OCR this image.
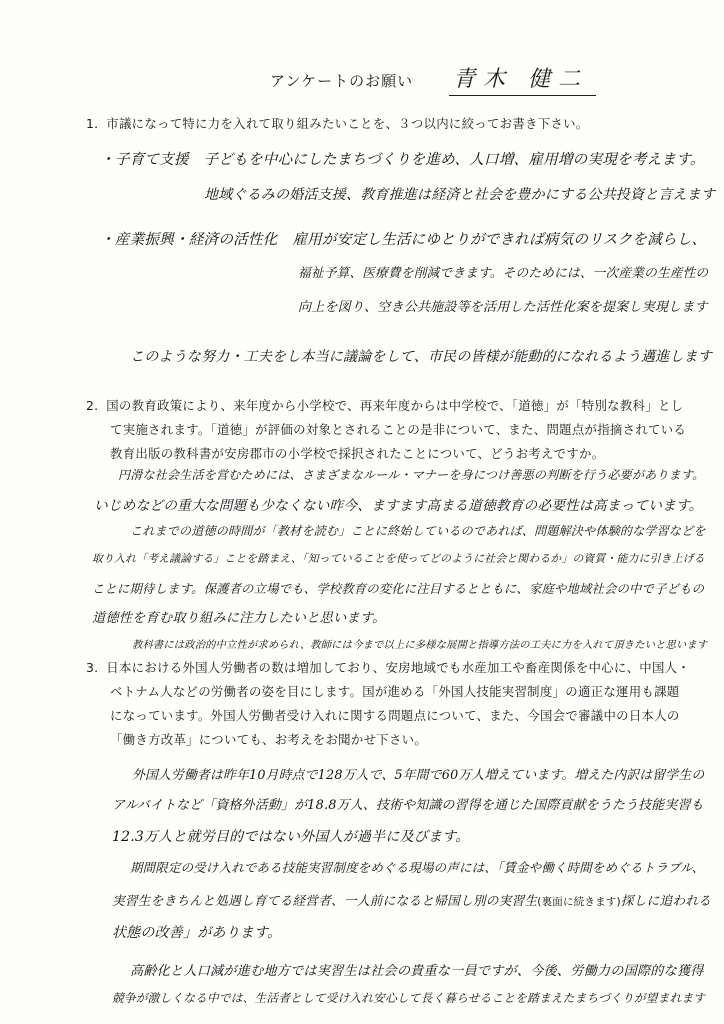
アンケートのお願い 青木 健二
1. 市議になって特に力を入れて取り組みたいことを、３つ以内に絞ってお書き下さい。
・子育て支援　子どもを中心にしたまちづくりを進め、人口増、雇用増の実現を考えます。
地域ぐるみの婚活支援、教育推進は経済と社会を豊かにする公共投資と言えます
・産業振興・経済の活性化　雇用が安定し生活にゆとりができれば病気のリスクを減らし、
福祉予算、医療費を削減できます。そのためには、一次産業の生産性の
向上を図り、空き公共施設等を活用した活性化案を提案し実現します
このような努力・工夫をし本当に議論をして、市民の皆様が能動的になれるよう邁進します
2. 国の教育政策により、来年度から小学校で、再来年度からは中学校で、「道徳」が「特別な教科」とし
て実施されます。「道徳」が評価の対象とされることの是非について、また、問題点が指摘されている
教育出版の教科書が安房郡市の小学校で採択されたことについて、どうお考えですか。
円滑な社会生活を営むためには、さまざまなルール・マナーを身につけ善悪の判断を行う必要があります。
いじめなどの重大な問題も少なくない昨今、ますます高まる道徳教育の必要性は高まっています。
これまでの道徳の時間が「教材を読む」ことに終始しているのであれば、問題解決や体験的な学習などを
取り入れ「考え議論する」ことを踏まえ、「知っていることを使ってどのように社会と関わるか」の資質・能力に引き上げる
ことに期待します。保護者の立場でも、学校教育の変化に注目するとともに、家庭や地域社会の中で子どもの
道徳性を育む取り組みに注力したいと思います。
教科書には政治的中立性が求められ、教師には今まで以上に多様な展開と指導方法の工夫に力を入れて頂きたいと思います
3. 日本における外国人労働者の数は増加しており、安房地域でも水産加工や畜産関係を中心に、中国人・
ベトナム人などの労働者の姿を目にします。国が進める「外国人技能実習制度」の適正な運用も課題
になっています。外国人労働者受け入れに関する問題点について、また、今国会で審議中の日本人の
「働き方改革」についても、お考えをお聞かせ下さい。
外国人労働者は昨年10月時点で128万人で、5年間で60万人増えています。増えた内訳は留学生の
アルバイトなど「資格外活動」が18.8万人、技術や知識の習得を通じた国際貢献をうたう技能実習も
12.3万人と就労目的ではない外国人が過半に及びます。
期間限定の受け入れである技能実習制度をめぐる現場の声には、「賃金や働く時間をめぐるトラブル、
実習生をきちんと処遇し育てる経営者、一人前になると帰国し別の実習生(裏面に続きます)探しに追われる
状態の改善」があります。
高齢化と人口減が進む地方では実習生は社会の貴重な一員ですが、今後、労働力の国際的な獲得
競争が激しくなる中では、生活者として受け入れ安心して長く暮らせることを踏まえたまちづくりが望まれます
